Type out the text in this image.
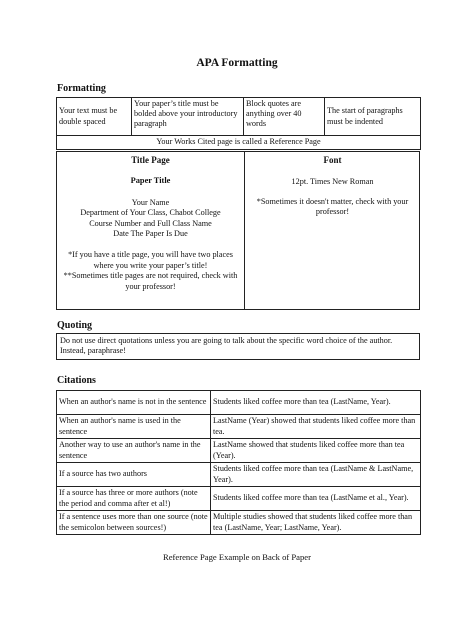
APA Formatting
Formatting
Your text must be double spaced	Your paper’s title must be bolded above your introductory paragraph	Block quotes are anything over 40 words	The start of paragraphs must be indented
Your Works Cited page is called a Reference Page
Title Page
Paper Title
Your Name
Department of Your Class, Chabot College
Course Number and Full Class Name
Date The Paper Is Due
*If you have a title page, you will have two places
where you write your paper’s title!
**Sometimes title pages are not required, check with
your professor!
Font
12pt. Times New Roman
*Sometimes it doesn't matter, check with your
professor!
Quoting
Do not use direct quotations unless you are going to talk about the specific word choice of the author. Instead, paraphrase!
Citations
When an author's name is not in the sentence	Students liked coffee more than tea (LastName, Year).
When an author's name is used in the sentence	LastName (Year) showed that students liked coffee more than tea.
Another way to use an author's name in the sentence	LastName showed that students liked coffee more than tea (Year).
If a source has two authors	Students liked coffee more than tea (LastName & LastName, Year).
If a source has three or more authors (note the period and comma after et al!)	Students liked coffee more than tea (LastName et al., Year).
If a sentence uses more than one source (note the semicolon between sources!)	Multiple studies showed that students liked coffee more than tea (LastName, Year; LastName, Year).
Reference Page Example on Back of Paper
